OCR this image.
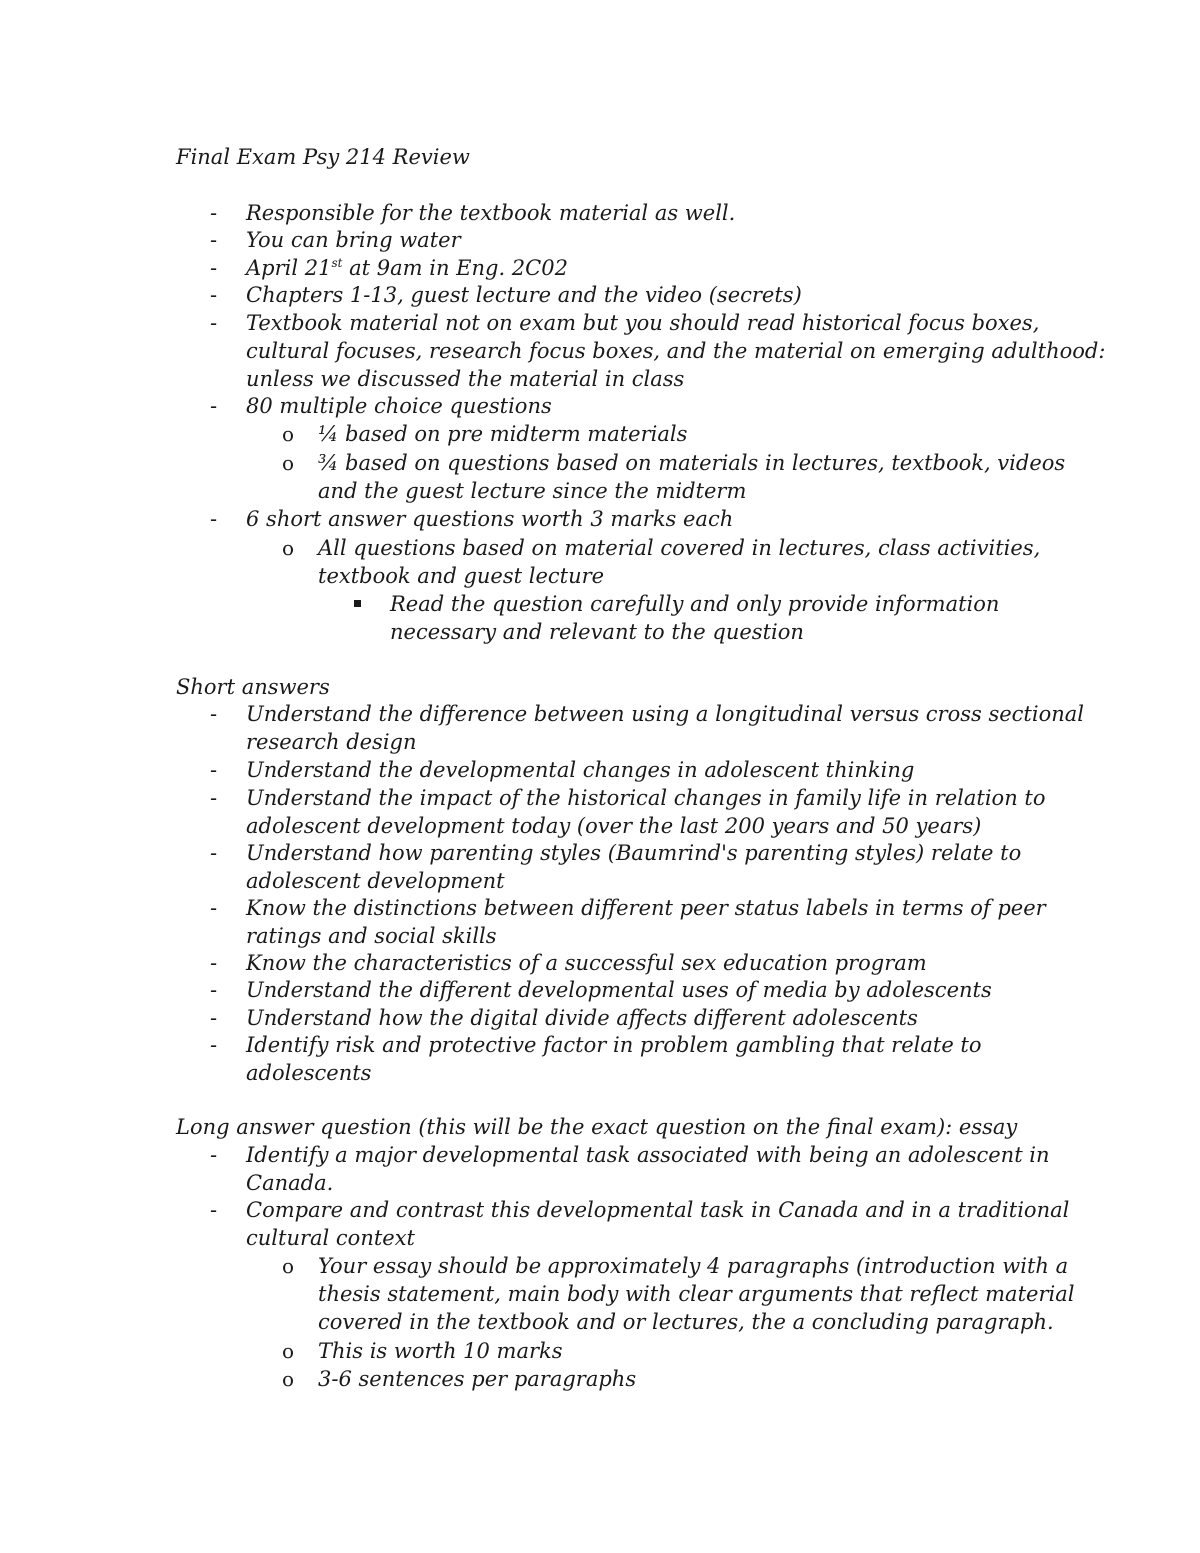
Final Exam Psy 214 Review
- Responsible for the textbook material as well.
- You can bring water
- April 21st at 9am in Eng. 2C02
- Chapters 1-13, guest lecture and the video (secrets)
- Textbook material not on exam but you should read historical focus boxes,
cultural focuses, research focus boxes, and the material on emerging adulthood:
unless we discussed the material in class
- 80 multiple choice questions
o ¼ based on pre midterm materials
o ¾ based on questions based on materials in lectures, textbook, videos
and the guest lecture since the midterm
- 6 short answer questions worth 3 marks each
o All questions based on material covered in lectures, class activities,
textbook and guest lecture
Read the question carefully and only provide information
necessary and relevant to the question
Short answers
- Understand the difference between using a longitudinal versus cross sectional
research design
- Understand the developmental changes in adolescent thinking
- Understand the impact of the historical changes in family life in relation to
adolescent development today (over the last 200 years and 50 years)
- Understand how parenting styles (Baumrind's parenting styles) relate to
adolescent development
- Know the distinctions between different peer status labels in terms of peer
ratings and social skills
- Know the characteristics of a successful sex education program
- Understand the different developmental uses of media by adolescents
- Understand how the digital divide affects different adolescents
- Identify risk and protective factor in problem gambling that relate to
adolescents
Long answer question (this will be the exact question on the final exam): essay
- Identify a major developmental task associated with being an adolescent in
Canada.
- Compare and contrast this developmental task in Canada and in a traditional
cultural context
o Your essay should be approximately 4 paragraphs (introduction with a
thesis statement, main body with clear arguments that reflect material
covered in the textbook and or lectures, the a concluding paragraph.
o This is worth 10 marks
o 3-6 sentences per paragraphs
